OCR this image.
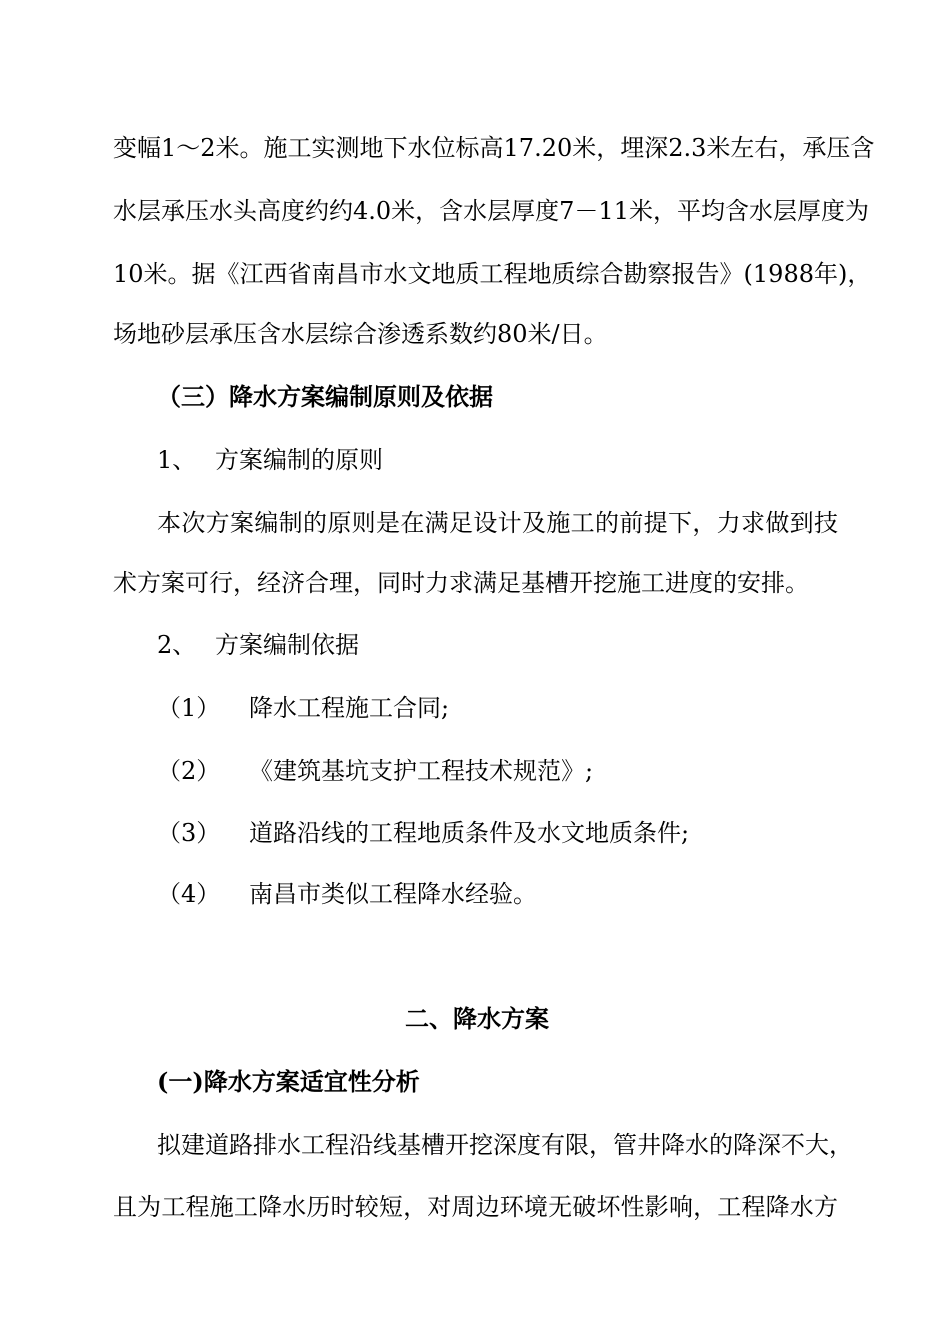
变幅1～2米。施工实测地下水位标高17.20米，埋深2.3米左右，承压含
水层承压水头高度约约4.0米，含水层厚度7－11米，平均含水层厚度为
10米。据《江西省南昌市水文地质工程地质综合勘察报告》(1988年)，
场地砂层承压含水层综合渗透系数约80米/日。
（三）降水方案编制原则及依据
1、 方案编制的原则
本次方案编制的原则是在满足设计及施工的前提下，力求做到技
术方案可行，经济合理，同时力求满足基槽开挖施工进度的安排。
2、 方案编制依据
（1） 降水工程施工合同;
（2） 《建筑基坑支护工程技术规范》;
（3） 道路沿线的工程地质条件及水文地质条件;
（4） 南昌市类似工程降水经验。
二、降水方案
(一)降水方案适宜性分析
拟建道路排水工程沿线基槽开挖深度有限，管井降水的降深不大，
且为工程施工降水历时较短，对周边环境无破坏性影响，工程降水方
